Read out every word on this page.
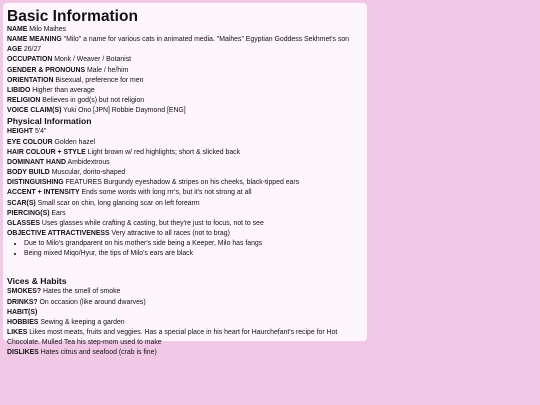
Basic Information
NAME Milo Maihes
NAME MEANING "Milo" a name for various cats in animated media. "Maihes" Egyptian Goddess Sekhmet's son
AGE 26/27
OCCUPATION Monk / Weaver / Botanist
GENDER & PRONOUNS Male / he/him
ORIENTATION Bisexual, preference for men
LIBIDO Higher than average
RELIGION Believes in god(s) but not religion
VOICE CLAIM(S) Yuki Ono [JPN] Robbie Daymond [ENG]
Physical Information
HEIGHT 5'4"
EYE COLOUR Golden hazel
HAIR COLOUR + STYLE Light brown w/ red highlights; short & slicked back
DOMINANT HAND Ambidextrous
BODY BUILD Muscular, dorito-shaped
DISTINGUISHING FEATURES Burgundy eyeshadow & stripes on his cheeks, black-tipped ears
ACCENT + INTENSITY Ends some words with long rrr's, but it's not strong at all
SCAR(S) Small scar on chin, long glancing scar on left forearm
PIERCING(S) Ears
GLASSES Uses glasses while crafting & casting, but they're just to focus, not to see
OBJECTIVE ATTRACTIVENESS Very attractive to all races (not to brag)
• Due to Milo's grandparent on his mother's side being a Keeper, Milo has fangs
• Being mixed Miqo/Hyur, the tips of Milo's ears are black
Vices & Habits
SMOKES? Hates the smell of smoke
DRINKS? On occasion (like around dwarves)
HABIT(S)
HOBBIES Sewing & keeping a garden
LIKES Likes most meats, fruits and veggies. Has a special place in his heart for Haurchefant's recipe for Hot Chocolate. Mulled Tea his step-mom used to make
DISLIKES Hates citrus and seafood (crab is fine)
